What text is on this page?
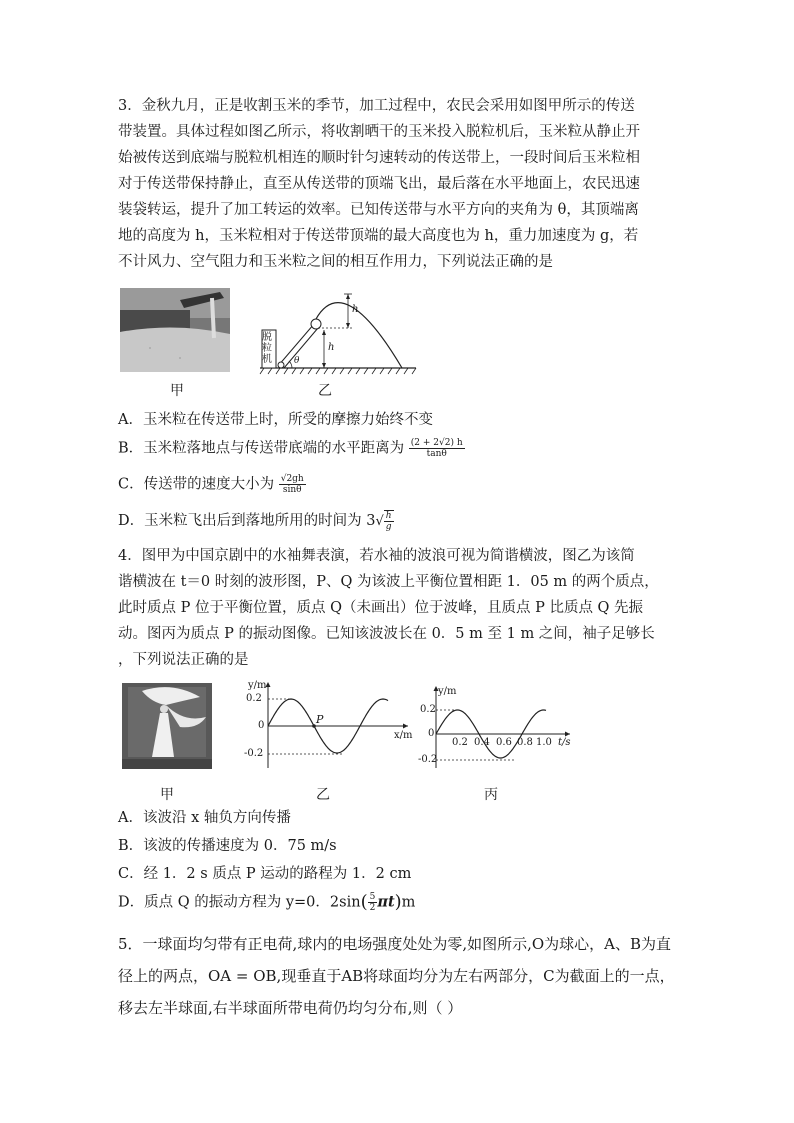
3．金秋九月，正是收割玉米的季节，加工过程中，农民会采用如图甲所示的传送
带装置。具体过程如图乙所示，将收割晒干的玉米投入脱粒机后，玉米粒从静止开
始被传送到底端与脱粒机相连的顺时针匀速转动的传送带上，一段时间后玉米粒相
对于传送带保持静止，直至从传送带的顶端飞出，最后落在水平地面上，农民迅速
装袋转运，提升了加工转运的效率。已知传送带与水平方向的夹角为 θ，其顶端离
地的高度为 h，玉米粒相对于传送带顶端的最大高度也为 h，重力加速度为 g，若
不计风力、空气阻力和玉米粒之间的相互作用力，下列说法正确的是
甲
脱粒机
h
h
θ
乙
A．玉米粒在传送带上时，所受的摩擦力始终不变
B．玉米粒落地点与传送带底端的水平距离为 $\frac{(2 + 2√2) h}{\tan\theta}$
C．传送带的速度大小为 $\frac{√2gh}{\sin\theta}$
D．玉米粒飞出后到落地所用的时间为 $3√ \frac{h}{g}$
4．图甲为中国京剧中的水袖舞表演，若水袖的波浪可视为简谐横波，图乙为该简
谐横波在 t＝0 时刻的波形图，P、Q 为该波上平衡位置相距 1．05 m 的两个质点，
此时质点 P 位于平衡位置，质点 Q（未画出）位于波峰，且质点 P 比质点 Q 先振
动。图丙为质点 P 的振动图像。已知该波波长在 0．5 m 至 1 m 之间，袖子足够长
，下列说法正确的是
甲
y/m
0.2
0
-0.2
x/m
P
乙
y/m
0.2
0
-0.2
0.2 0.4 0.6 0.8 1.0 t/s
丙
A．该波沿 x 轴负方向传播
B．该波的传播速度为 0．75 m/s
C．经 1．2 s 质点 P 运动的路程为 1．2 cm
D．质点 Q 的振动方程为 y=0．$2\sin( \frac{5}{2} \pi t)m$
5．一球面均匀带有正电荷,球内的电场强度处处为零,如图所示,O为球心，A、B为直
径上的两点，OA = OB,现垂直于AB将球面均分为左右两部分，C为截面上的一点，
移去左半球面,右半球面所带电荷仍均匀分布,则（ ）
